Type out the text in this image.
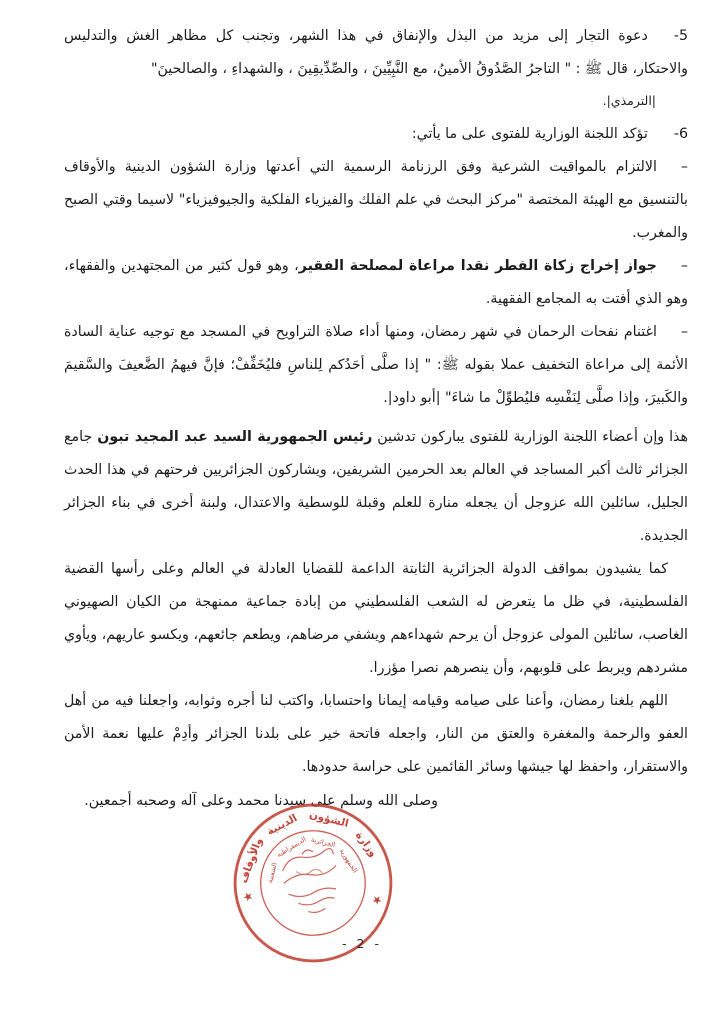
5-دعوة التجار إلى مزيد من البذل والإنفاق في هذا الشهر، وتجنب كل مظاهر الغش والتدليس والاحتكار، قال ﷺ : " التاجرُ الصَّدُوقُ الأمينُ، مع النَّبِيِّينَ ، والصِّدِّيقِينَ ، والشهداءِ ، والصالحينَ"

|الترمذي|.

6-تؤكد اللجنة الوزارية للفتوى على ما يأتي:

–الالتزام بالمواقيت الشرعية وفق الرزنامة الرسمية التي أعدتها وزارة الشؤون الدينية والأوقاف بالتنسيق مع الهيئة المختصة "مركز البحث في علم الفلك والفيزياء الفلكية والجيوفيزياء" لاسيما وقتي الصبح والمغرب.

–جواز إخراج زكاة الفطر نقدا مراعاة لمصلحة الفقير، وهو قول كثير من المجتهدين والفقهاء، وهو الذي أفتت به المجامع الفقهية.

–اغتنام نفحات الرحمان في شهر رمضان، ومنها أداء صلاة التراويح في المسجد مع توجيه عناية السادة الأئمة إلى مراعاة التخفيف عملا بقوله ﷺ: " إذا صلَّى أحَدُكم لِلناسِ فليُخَفِّفْ؛ فإنَّ فيهمُ الضَّعيفَ والسَّقيمَ والكَبيرَ، وإذا صلَّى لِنَفْسِه فليُطوِّلْ ما شاءَ" |أبو داود|.

هذا وإن أعضاء اللجنة الوزارية للفتوى يباركون تدشين رئيس الجمهورية السيد عبد المجيد تبون جامع الجزائر ثالث أكبر المساجد في العالم بعد الحرمين الشريفين، ويشاركون الجزائريين فرحتهم في هذا الحدث الجليل، سائلين الله عزوجل أن يجعله منارة للعلم وقبلة للوسطية والاعتدال، ولبنة أخرى في بناء الجزائر الجديدة.

كما يشيدون بمواقف الدولة الجزائرية الثابتة الداعمة للقضايا العادلة في العالم وعلى رأسها القضية الفلسطينية، في ظل ما يتعرض له الشعب الفلسطيني من إبادة جماعية ممنهجة من الكيان الصهيوني الغاصب، سائلين المولى عزوجل أن يرحم شهداءهم ويشفي مرضاهم، ويطعم جائعهم، ويكسو عاريهم، ويأوي مشردهم ويربط على قلوبهم، وأن ينصرهم نصرا مؤزرا.

اللهم بلغنا رمضان، وأعنا على صيامه وقيامه إيمانا واحتسابا، واكتب لنا أجره وثوابه، واجعلنا فيه من أهل العفو والرحمة والمغفرة والعتق من النار، واجعله فاتحة خير على بلدنا الجزائر وأدِمْ عليها نعمة الأمن والاستقرار، واحفظ لها جيشها وسائر القائمين على حراسة حدودها.

وصلى الله وسلم على سيدنا محمد وعلى آله وصحبه أجمعين.

وزارة
الشؤون
الدينية
والأوقاف	الجمهورية
الجزائرية
الديمقراطية
الشعبية
★	★
- 2 -
